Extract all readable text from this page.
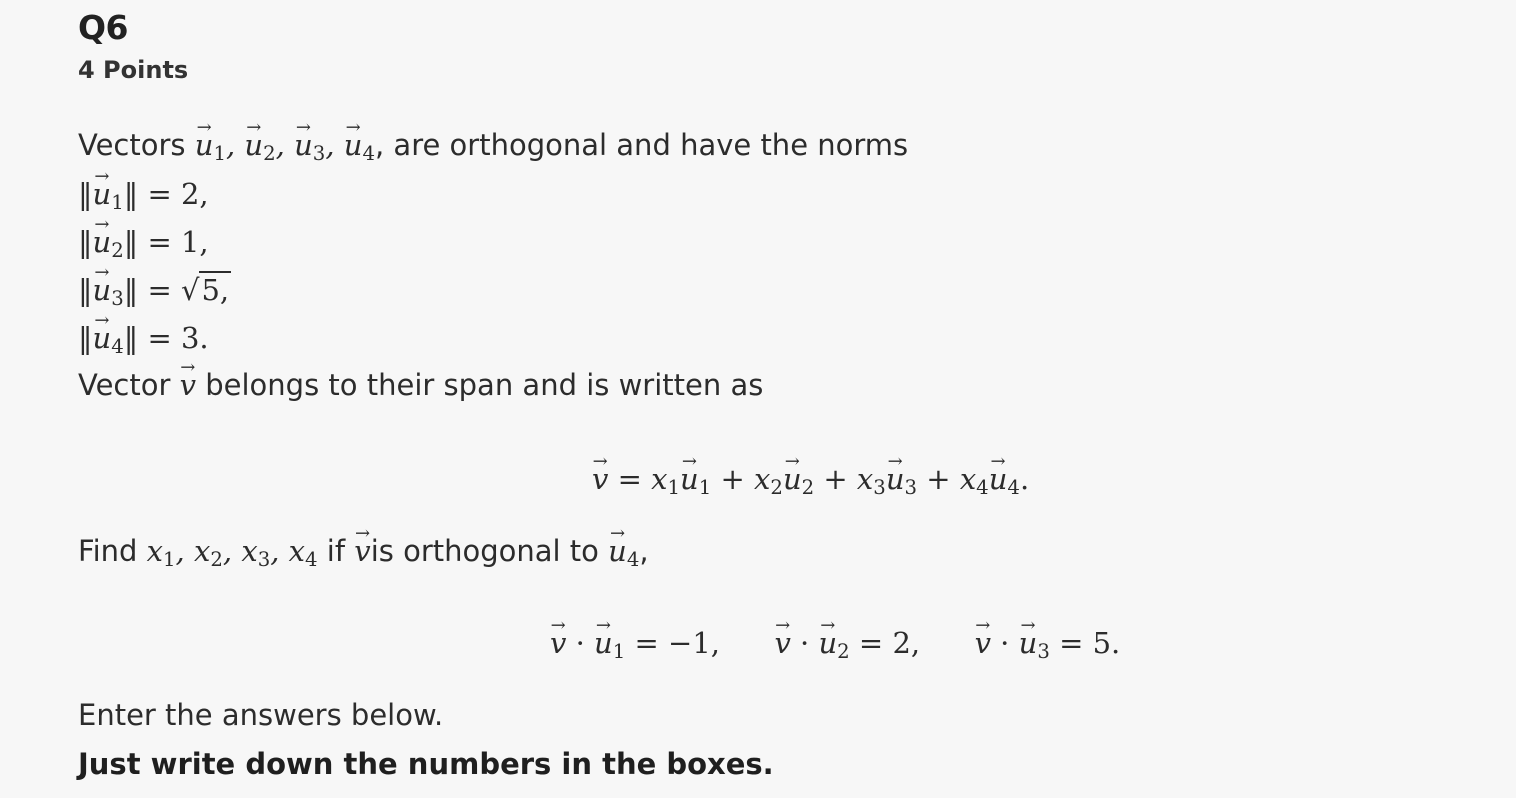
Q6
4 Points
Vectors → $u_1$, → $u_2$, → $u_3$, → $u_4$, are orthogonal and have the norms
‖→ $u_1‖ = 2$,
‖→ $u_2‖ = 1$,
‖→ $u_3‖ = √5$,
‖→ $u_4‖ = 3$.
Vector → v belongs to their span and is written as
→ $v = x_1\to u_1 + x_2\to u_2 + x_3\to u_3 + x_4\to u_4$.
Find $x_1$, $x_2$, $x_3$, $x_4$ if → vis orthogonal to → $u_4$,
→ v · → $u_1 = -1$, → v · → $u_2 = 2$, → v · → $u_3 = 5$.
Enter the answers below.
Just write down the numbers in the boxes.
